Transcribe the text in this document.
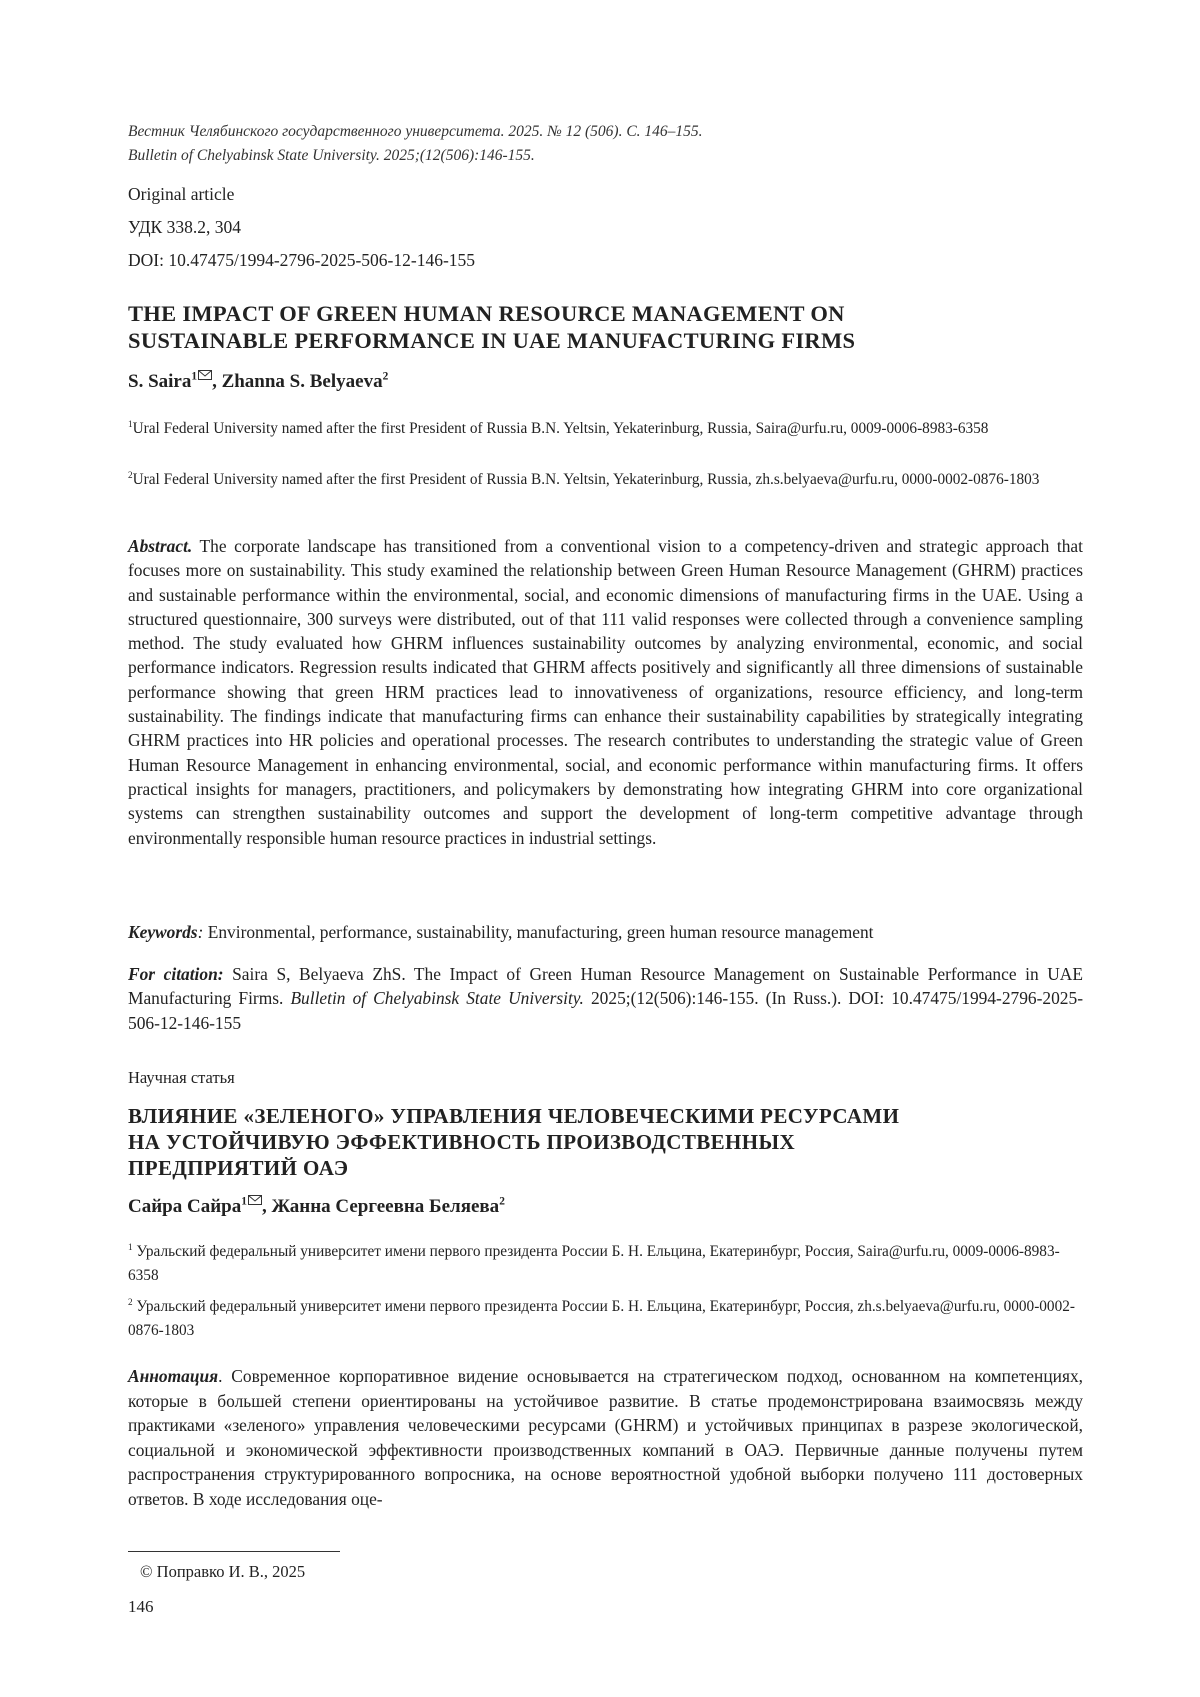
Вестник Челябинского государственного университета. 2025. № 12 (506). С. 146–155.
Bulletin of Chelyabinsk State University. 2025;(12(506):146-155.
Original article
УДК 338.2, 304
DOI: 10.47475/1994-2796-2025-506-12-146-155
THE IMPACT OF GREEN HUMAN RESOURCE MANAGEMENT ON
SUSTAINABLE PERFORMANCE IN UAE MANUFACTURING FIRMS
S. Saira$^1$ , Zhanna S. Belyaeva$^2$
$^1$Ural Federal University named after the first President of Russia B.N. Yeltsin, Yekaterinburg, Russia, Saira@urfu.ru, 0009-0006-8983-6358
$^2$Ural Federal University named after the first President of Russia B.N. Yeltsin, Yekaterinburg, Russia, zh.s.belyaeva@urfu.ru, 0000-0002-0876-1803

Abstract. The corporate landscape has transitioned from a conventional vision to a competency-driven and strategic approach that focuses more on sustainability. This study examined the relationship between Green Human Resource Management (GHRM) practices and sustainable performance within the environmental, social, and economic dimensions of manufacturing firms in the UAE. Using a structured questionnaire, 300 surveys were distributed, out of that 111 valid responses were collected through a convenience sampling method. The study evaluated how GHRM influences sustainability outcomes by analyzing environmental, economic, and social performance indicators. Regression results indicated that GHRM affects positively and significantly all three dimensions of sustainable performance showing that green HRM practices lead to innovativeness of organizations, resource efficiency, and long-term sustainability. The findings indicate that manufacturing firms can enhance their sustainability capabilities by strategically integrating GHRM practices into HR policies and operational processes. The research contributes to understanding the strategic value of Green Human Resource Management in enhancing environmental, social, and economic performance within manufacturing firms. It offers practical insights for managers, practitioners, and policymakers by demonstrating how integrating GHRM into core organizational systems can strengthen sustainability outcomes and support the development of long-term competitive advantage through environmentally responsible human resource practices in industrial settings.

Keywords: Environmental, performance, sustainability, manufacturing, green human resource management

For citation: Saira S, Belyaeva ZhS. The Impact of Green Human Resource Management on Sustainable Performance in UAE Manufacturing Firms. Bulletin of Chelyabinsk State University. 2025;(12(506):146-155. (In Russ.). DOI: 10.47475/1994-2796-2025-506-12-146-155

Научная статья
ВЛИЯНИЕ «ЗЕЛЕНОГО» УПРАВЛЕНИЯ ЧЕЛОВЕЧЕСКИМИ РЕСУРСАМИ
НА УСТОЙЧИВУЮ ЭФФЕКТИВНОСТЬ ПРОИЗВОДСТВЕННЫХ
ПРЕДПРИЯТИЙ ОАЭ
Сайра Сайра$^1$ , Жанна Сергеевна Беляева$^2$
$^1$ Уральский федеральный университет имени первого президента России Б. Н. Ельцина, Екатеринбург, Россия, Saira@urfu.ru, 0009-0006-8983-6358
$^2$ Уральский федеральный университет имени первого президента России Б. Н. Ельцина, Екатеринбург, Россия, zh.s.belyaeva@urfu.ru, 0000-0002-0876-1803

Аннотация. Современное корпоративное видение основывается на стратегическом подход, основанном на компетенциях, которые в большей степени ориентированы на устойчивое развитие. В статье продемонстрирована взаимосвязь между практиками «зеленого» управления человеческими ресурсами (GHRM) и устойчивых принципах в разрезе экологической, социальной и экономической эффективности производственных компаний в ОАЭ. Первичные данные получены путем распространения структурированного вопросника, на основе вероятностной удобной выборки получено 111 достоверных ответов. В ходе исследования оце-

© Поправко И. В., 2025
146
